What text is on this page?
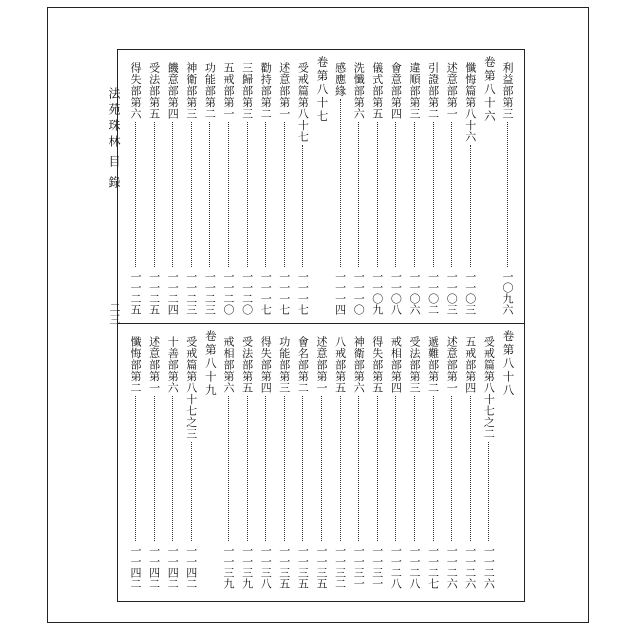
法苑珠林
目錄
二三
利益部第三
一〇九六
卷第八十六
懺悔篇第八十六
一一〇三
述意部第一
一一〇三
引證部第二
一一〇二
違順部第三
一一〇六
會意部第四
一一〇八
儀式部第五
一一〇九
洗懺部第六
一一一〇
感應緣
一一一四
卷第八十七
受戒篇第八十七
一一一七
述意部第一
一一一七
勸持部第二
一一一七
三歸部第三
一一二〇
五戒部第一
一一二〇
功能部第二
一一二三
神衛部第三
一一二三
饑意部第四
一一二四
受法部第五
一一二五
得失部第六
一一二五
卷第八十八
受戒篇第八十七之二
一一二六
五戒部第四
一一二六
述意部第一
一一二六
遞難部第二
一一二七
受法部第三
一一二八
戒相部第四
一一二八
得失部第五
一一三一
神衛部第六
一一三一
八戒部第五
一一三二
述意部第一
一一三五
會名部第二
一一三五
功能部第三
一一三五
得失部第四
一一三八
受法部第五
一一三九
戒相部第六
一一三九
卷第八十九
受戒篇第八十七之三
一一四二
十善部第六
一一四二
述意部第一
一一四二
懺悔部第二
一一四二
